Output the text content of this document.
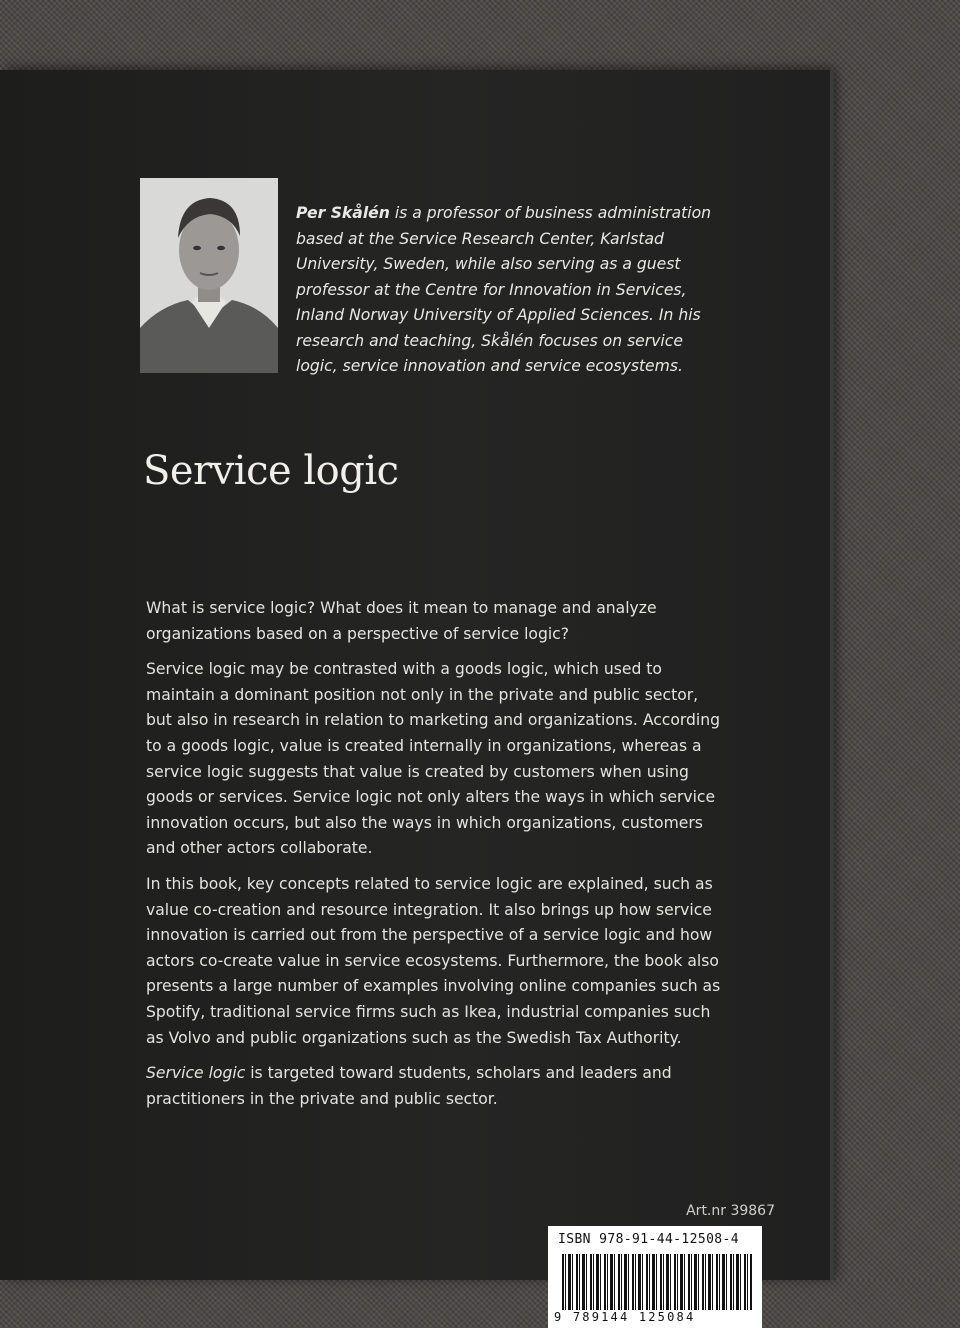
Per Skålén is a professor of business administration based at the Service Research Center, Karlstad University, Sweden, while also serving as a guest professor at the Centre for Innovation in Services, Inland Norway University of Applied Sciences. In his research and teaching, Skålén focuses on service logic, service innovation and service ecosystems.

Service logic

What is service logic? What does it mean to manage and analyze organizations based on a perspective of service logic?

Service logic may be contrasted with a goods logic, which used to maintain a dominant position not only in the private and public sector, but also in research in relation to marketing and organizations. According to a goods logic, value is created internally in organizations, whereas a service logic suggests that value is created by customers when using goods or services. Service logic not only alters the ways in which service innovation occurs, but also the ways in which organizations, customers and other actors collaborate.

In this book, key concepts related to service logic are explained, such as value co-creation and resource integration. It also brings up how service innovation is carried out from the perspective of a service logic and how actors co-create value in service ecosystems. Furthermore, the book also presents a large number of examples involving online companies such as Spotify, traditional service firms such as Ikea, industrial companies such as Volvo and public organizations such as the Swedish Tax Authority.

Service logic is targeted toward students, scholars and leaders and practitioners in the private and public sector.

Art.nr 39867
ISBN 978-91-44-12508-4
9 789144 125084
